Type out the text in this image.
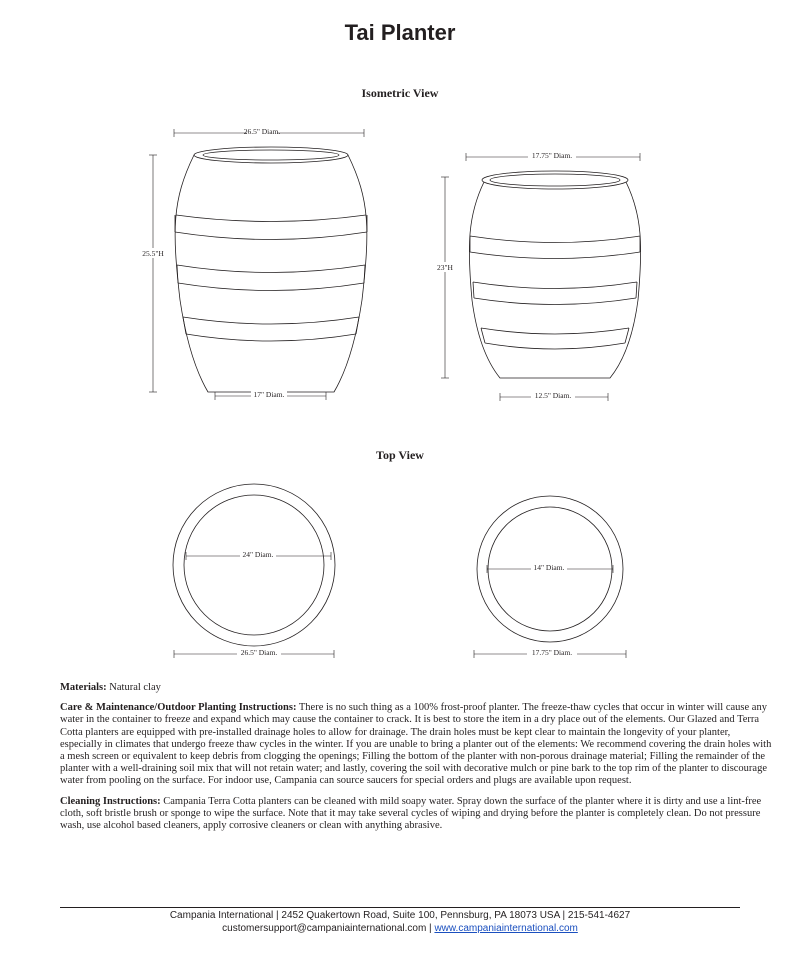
Tai Planter
Isometric View
Top View
26.5" Diam.
25.5"H
17" Diam.
17.75" Diam.
23"H
12.5" Diam.
24" Diam.
26.5" Diam.
14" Diam.
17.75" Diam.

Materials: Natural clay

Care & Maintenance/Outdoor Planting Instructions: There is no such thing as a 100% frost-proof planter. The freeze-thaw cycles that occur in winter will cause any water in the container to freeze and expand which may cause the container to crack. It is best to store the item in a dry place out of the elements. Our Glazed and Terra Cotta planters are equipped with pre-installed drainage holes to allow for drainage. The drain holes must be kept clear to maintain the longevity of your planter, especially in climates that undergo freeze thaw cycles in the winter. If you are unable to bring a planter out of the elements: We recommend covering the drain holes with a mesh screen or equivalent to keep debris from clogging the openings; Filling the bottom of the planter with non-porous drainage material; Filling the remainder of the planter with a well-draining soil mix that will not retain water; and lastly, covering the soil with decorative mulch or pine bark to the top rim of the planter to discourage water from pooling on the surface. For indoor use, Campania can source saucers for special orders and plugs are available upon request.

Cleaning Instructions: Campania Terra Cotta planters can be cleaned with mild soapy water. Spray down the surface of the planter where it is dirty and use a lint-free cloth, soft bristle brush or sponge to wipe the surface. Note that it may take several cycles of wiping and drying before the planter is completely clean. Do not pressure wash, use alcohol based cleaners, apply corrosive cleaners or clean with anything abrasive.

Campania International | 2452 Quakertown Road, Suite 100, Pennsburg, PA 18073 USA | 215-541-4627
customersupport@campaniainternational.com | www.campaniainternational.com
